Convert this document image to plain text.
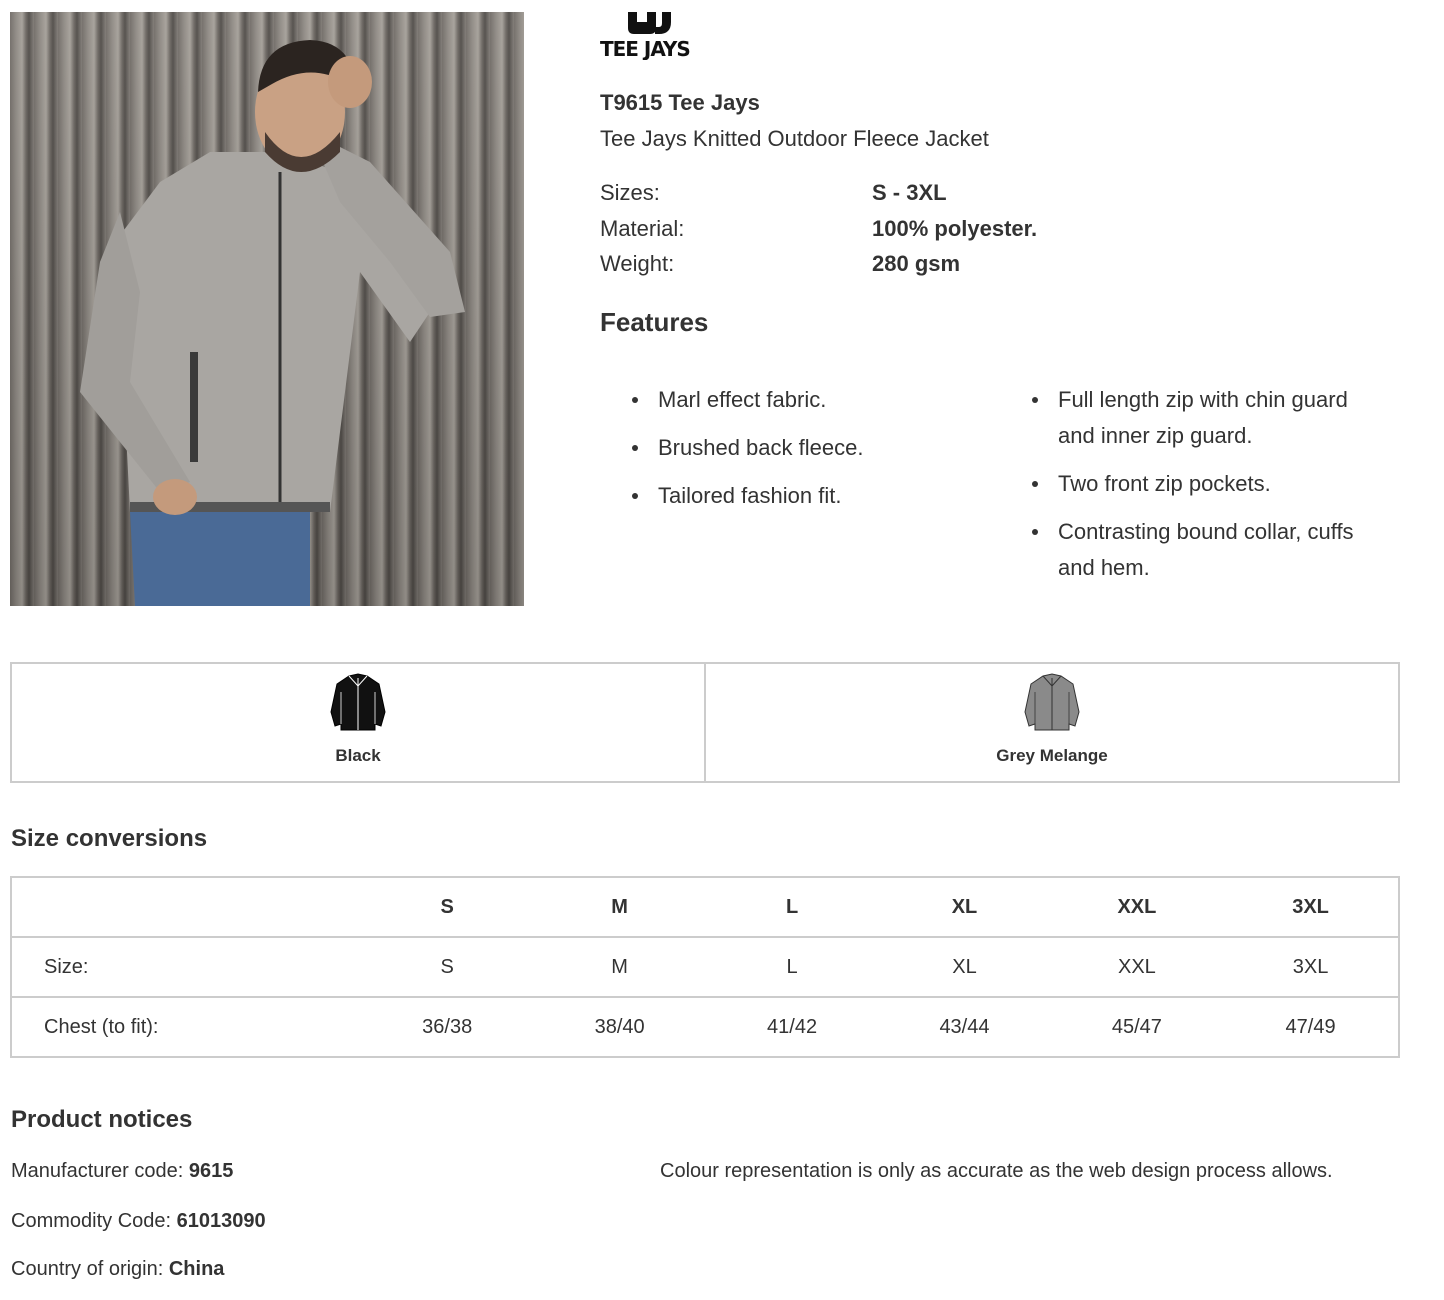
TEE JAYS
T9615 Tee Jays
Tee Jays Knitted Outdoor Fleece Jacket
Sizes:	S - 3XL
Material:	100% polyester.
Weight:	280 gsm
Features
Marl effect fabric.
Brushed back fleece.
Tailored fashion fit.
Full length zip with chin guard and inner zip guard.
Two front zip pockets.
Contrasting bound collar, cuffs and hem.
Black	Grey Melange
Size conversions
	S	M	L	XL	XXL	3XL
Size:	S	M	L	XL	XXL	3XL
Chest (to fit):	36/38	38/40	41/42	43/44	45/47	47/49
Product notices
Manufacturer code: 9615
Commodity Code: 61013090
Country of origin: China
Colour representation is only as accurate as the web design process allows.
